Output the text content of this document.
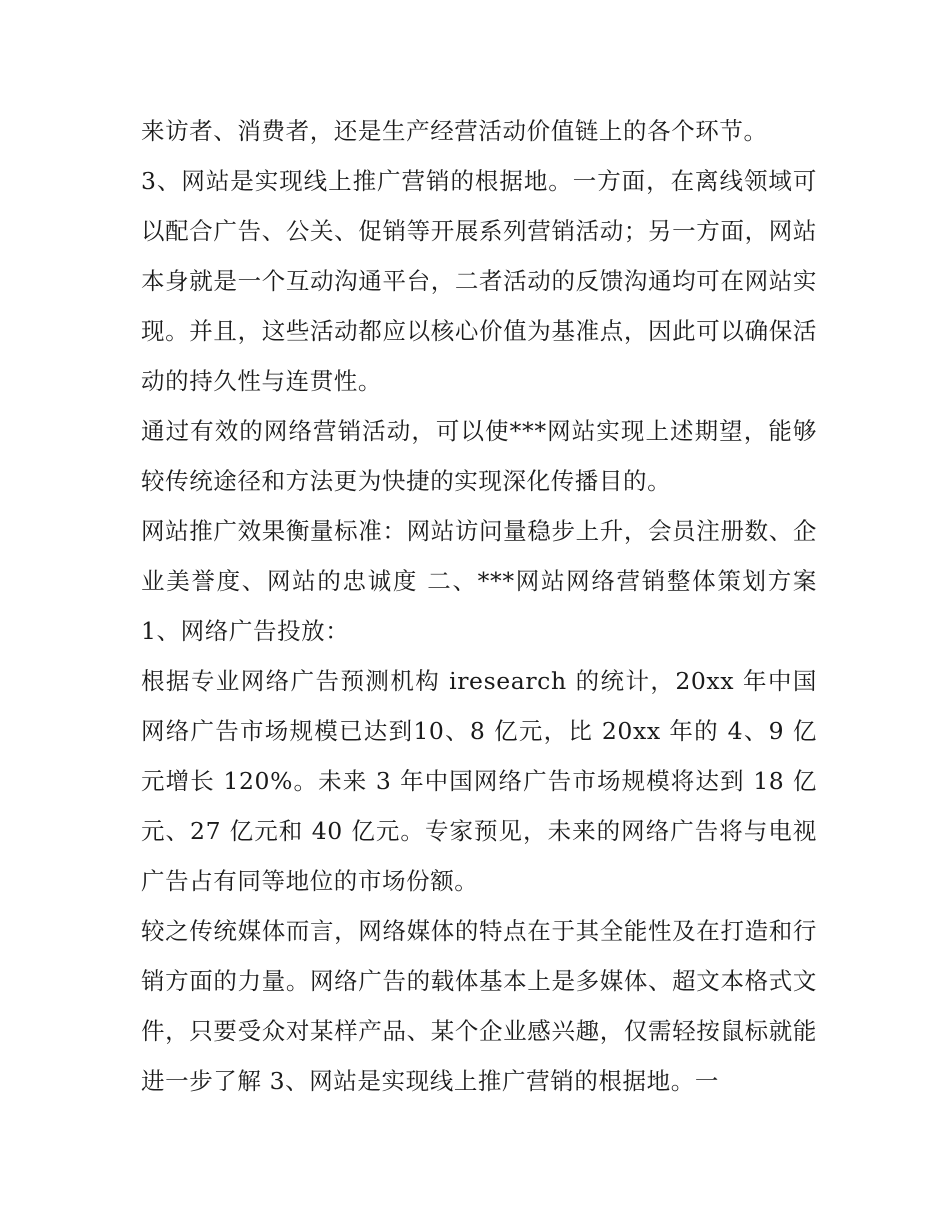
来访者、消费者，还是生产经营活动价值链上的各个环节。

3、网站是实现线上推广营销的根据地。一方面，在离线领域可以配合广告、公关、促销等开展系列营销活动；另一方面，网站本身就是一个互动沟通平台，二者活动的反馈沟通均可在网站实现。并且，这些活动都应以核心价值为基准点，因此可以确保活动的持久性与连贯性。

通过有效的网络营销活动，可以使***网站实现上述期望，能够较传统途径和方法更为快捷的实现深化传播目的。

网站推广效果衡量标准：网站访问量稳步上升，会员注册数、企业美誉度、网站的忠诚度 二、***网站网络营销整体策划方案 1、网络广告投放：

根据专业网络广告预测机构 iresearch 的统计，20xx 年中国网络广告市场规模已达到10、8 亿元，比 20xx 年的 4、9 亿元增长 120%。未来 3 年中国网络广告市场规模将达到 18 亿元、27 亿元和 40 亿元。专家预见，未来的网络广告将与电视广告占有同等地位的市场份额。

较之传统媒体而言，网络媒体的特点在于其全能性及在打造和行销方面的力量。网络广告的载体基本上是多媒体、超文本格式文件，只要受众对某样产品、某个企业感兴趣，仅需轻按鼠标就能进一步了解 3、网站是实现线上推广营销的根据地。一
